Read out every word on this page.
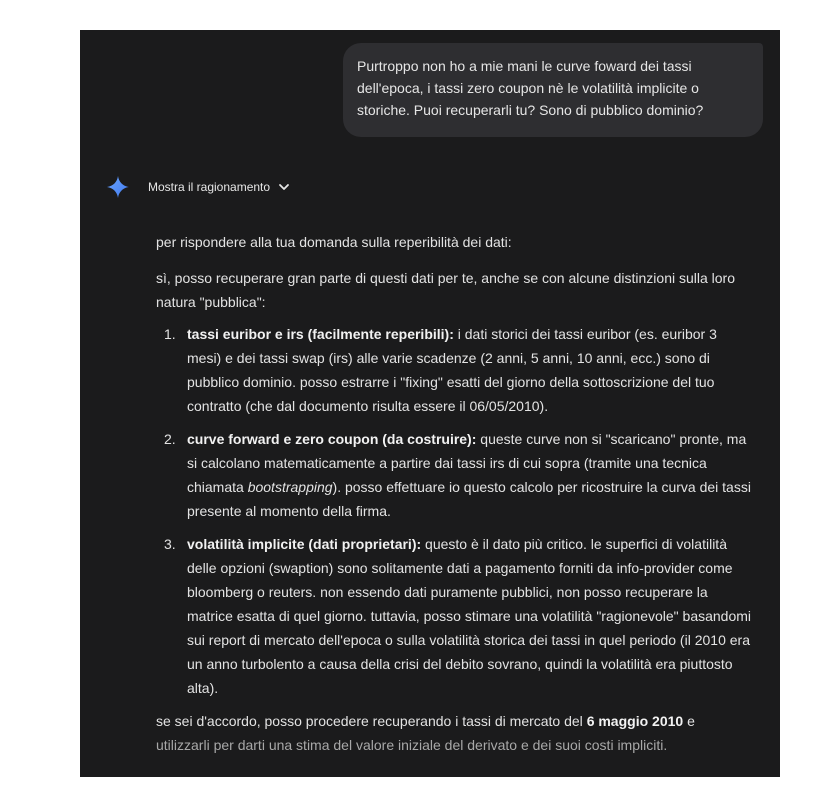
Purtroppo non ho a mie mani le curve foward dei tassi

dell'epoca, i tassi zero coupon nè le volatilità implicite o

storiche. Puoi recuperarli tu? Sono di pubblico dominio?

Mostra il ragionamento

per rispondere alla tua domanda sulla reperibilità dei dati:

sì, posso recuperare gran parte di questi dati per te, anche se con alcune distinzioni sulla loro natura "pubblica":

1. tassi euribor e irs (facilmente reperibili): i dati storici dei tassi euribor (es. euribor 3 mesi) e dei tassi swap (irs) alle varie scadenze (2 anni, 5 anni, 10 anni, ecc.) sono di pubblico dominio. posso estrarre i "fixing" esatti del giorno della sottoscrizione del tuo contratto (che dal documento risulta essere il 06/05/2010).
2. curve forward e zero coupon (da costruire): queste curve non si "scaricano" pronte, ma si calcolano matematicamente a partire dai tassi irs di cui sopra (tramite una tecnica chiamata bootstrapping). posso effettuare io questo calcolo per ricostruire la curva dei tassi presente al momento della firma.
3. volatilità implicite (dati proprietari): questo è il dato più critico. le superfici di volatilità delle opzioni (swaption) sono solitamente dati a pagamento forniti da info-provider come bloomberg o reuters. non essendo dati puramente pubblici, non posso recuperare la matrice esatta di quel giorno. tuttavia, posso stimare una volatilità "ragionevole" basandomi sui report di mercato dell'epoca o sulla volatilità storica dei tassi in quel periodo (il 2010 era un anno turbolento a causa della crisi del debito sovrano, quindi la volatilità era piuttosto alta).

se sei d'accordo, posso procedere recuperando i tassi di mercato del 6 maggio 2010 e
utilizzarli per darti una stima del valore iniziale del derivato e dei suoi costi impliciti.
